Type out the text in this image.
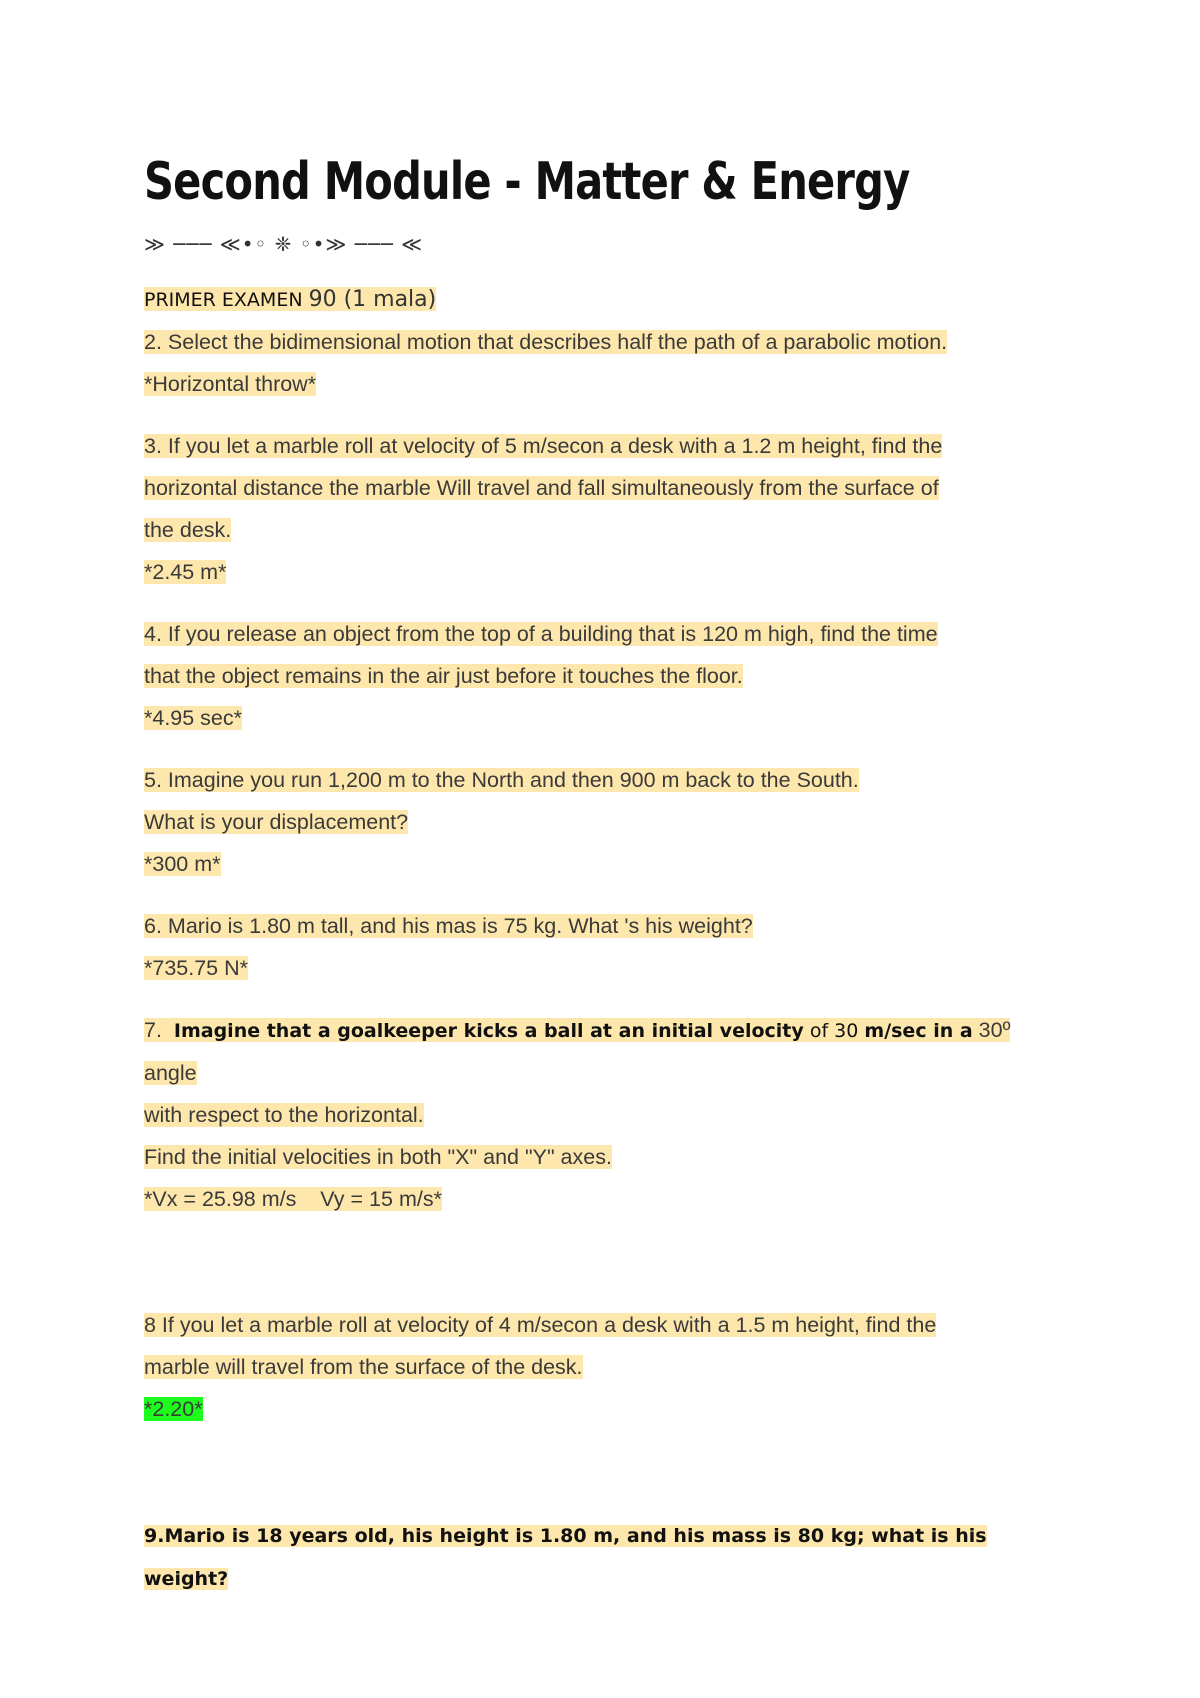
Second Module - Matter & Energy
≫ ─── ≪•◦ ❈ ◦•≫ ─── ≪

PRIMER EXAMEN 90 (1 mala)

2. Select the bidimensional motion that describes half the path of a parabolic motion.

*Horizontal throw*

3. If you let a marble roll at velocity of 5 m/secon a desk with a 1.2 m height, find the

horizontal distance the marble Will travel and fall simultaneously from the surface of

the desk.

*2.45 m*

4. If you release an object from the top of a building that is 120 m high, find the time

that the object remains in the air just before it touches the floor.

*4.95 sec*

5. Imagine you run 1,200 m to the North and then 900 m back to the South.

What is your displacement?

*300 m*

6. Mario is 1.80 m tall, and his mas is 75 kg. What 's his weight?

*735.75 N*

7.  Imagine that a goalkeeper kicks a ball at an initial velocity of 30 m/sec in a 30º angle

with respect to the horizontal.

Find the initial velocities in both "X" and "Y" axes.

*Vx = 25.98 m/s    Vy = 15 m/s*

8 If you let a marble roll at velocity of 4 m/secon a desk with a 1.5 m height, find the

marble will travel from the surface of the desk.

*2.20*

9.Mario is 18 years old, his height is 1.80 m, and his mass is 80 kg; what is his weight?
